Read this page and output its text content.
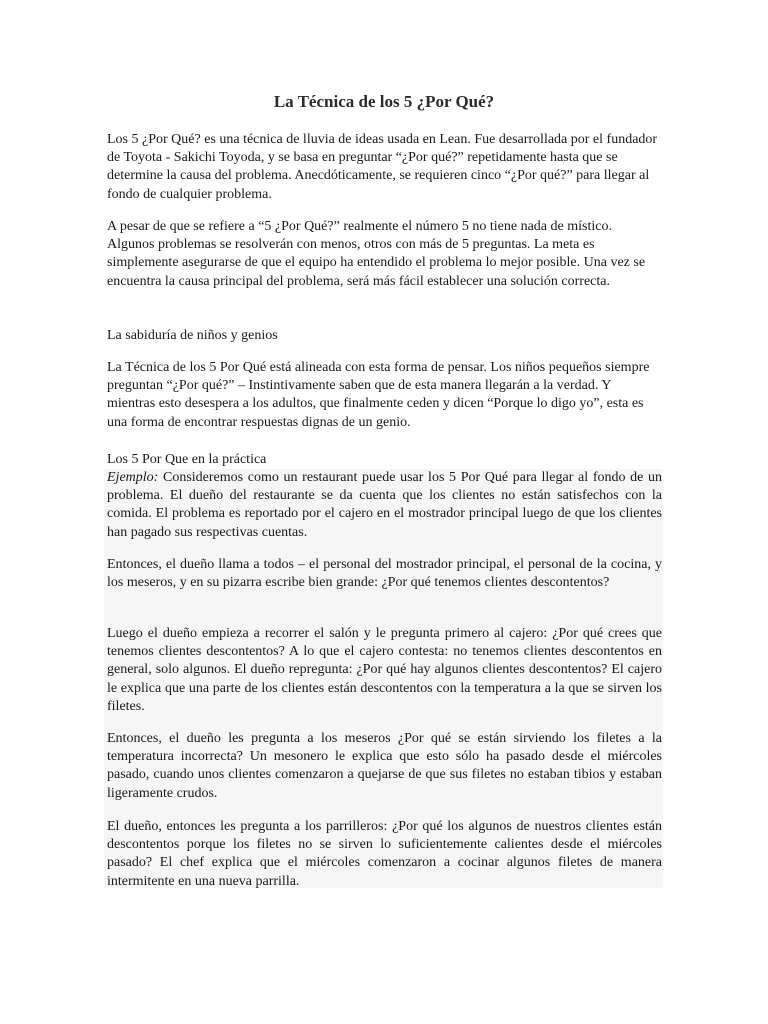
La Técnica de los 5 ¿Por Qué?
Los 5 ¿Por Qué? es una técnica de lluvia de ideas usada en Lean. Fue desarrollada por el fundador de Toyota - Sakichi Toyoda, y se basa en preguntar “¿Por qué?” repetidamente hasta que se determine la causa del problema. Anecdóticamente, se requieren cinco “¿Por qué?” para llegar al fondo de cualquier problema.
A pesar de que se refiere a “5 ¿Por Qué?” realmente el número 5 no tiene nada de místico. Algunos problemas se resolverán con menos, otros con más de 5 preguntas. La meta es simplemente asegurarse de que el equipo ha entendido el problema lo mejor posible. Una vez se encuentra la causa principal del problema, será más fácil establecer una solución correcta.
La sabiduría de niños y genios
La Técnica de los 5 Por Qué está alineada con esta forma de pensar. Los niños pequeños siempre preguntan “¿Por qué?” – Instintivamente saben que de esta manera llegarán a la verdad. Y mientras esto desespera a los adultos, que finalmente ceden y dicen “Porque lo digo yo”, esta es una forma de encontrar respuestas dignas de un genio.
Los 5 Por Que en la práctica
Ejemplo: Consideremos como un restaurant puede usar los 5 Por Qué para llegar al fondo de un problema. El dueño del restaurante se da cuenta que los clientes no están satisfechos con la comida. El problema es reportado por el cajero en el mostrador principal luego de que los clientes han pagado sus respectivas cuentas.
Entonces, el dueño llama a todos – el personal del mostrador principal, el personal de la cocina, y los meseros, y en su pizarra escribe bien grande: ¿Por qué tenemos clientes descontentos?
Luego el dueño empieza a recorrer el salón y le pregunta primero al cajero: ¿Por qué crees que tenemos clientes descontentos? A lo que el cajero contesta: no tenemos clientes descontentos en general, solo algunos. El dueño repregunta: ¿Por qué hay algunos clientes descontentos? El cajero le explica que una parte de los clientes están descontentos con la temperatura a la que se sirven los filetes.
Entonces, el dueño les pregunta a los meseros ¿Por qué se están sirviendo los filetes a la temperatura incorrecta? Un mesonero le explica que esto sólo ha pasado desde el miércoles pasado, cuando unos clientes comenzaron a quejarse de que sus filetes no estaban tibios y estaban ligeramente crudos.
El dueño, entonces les pregunta a los parrilleros: ¿Por qué los algunos de nuestros clientes están descontentos porque los filetes no se sirven lo suficientemente calientes desde el miércoles pasado? El chef explica que el miércoles comenzaron a cocinar algunos filetes de manera intermitente en una nueva parrilla.
